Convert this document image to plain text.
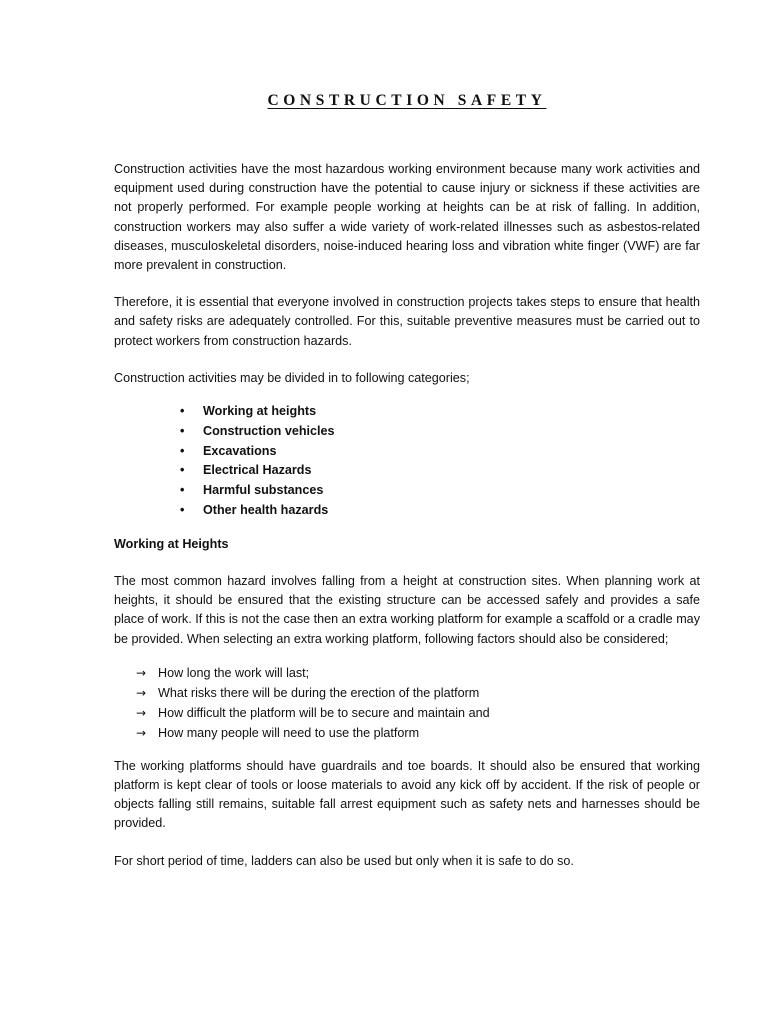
CONSTRUCTION SAFETY

Construction activities have the most hazardous working environment because many work activities and equipment used during construction have the potential to cause injury or sickness if these activities are not properly performed. For example people working at heights can be at risk of falling. In addition, construction workers may also suffer a wide variety of work-related illnesses such as asbestos-related diseases, musculoskeletal disorders, noise-induced hearing loss and vibration white finger (VWF) are far more prevalent in construction.

Therefore, it is essential that everyone involved in construction projects takes steps to ensure that health and safety risks are adequately controlled. For this, suitable preventive measures must be carried out to protect workers from construction hazards.

Construction activities may be divided in to following categories;

•	Working at heights
•	Construction vehicles
•	Excavations
•	Electrical Hazards
•	Harmful substances
•	Other health hazards

Working at Heights

The most common hazard involves falling from a height at construction sites. When planning work at heights, it should be ensured that the existing structure can be accessed safely and provides a safe place of work. If this is not the case then an extra working platform for example a scaffold or a cradle may be provided. When selecting an extra working platform, following factors should also be considered;

→ How long the work will last;
→ What risks there will be during the erection of the platform
→ How difficult the platform will be to secure and maintain and
→ How many people will need to use the platform

The working platforms should have guardrails and toe boards. It should also be ensured that working platform is kept clear of tools or loose materials to avoid any kick off by accident. If the risk of people or objects falling still remains, suitable fall arrest equipment such as safety nets and harnesses should be provided.

For short period of time, ladders can also be used but only when it is safe to do so.
